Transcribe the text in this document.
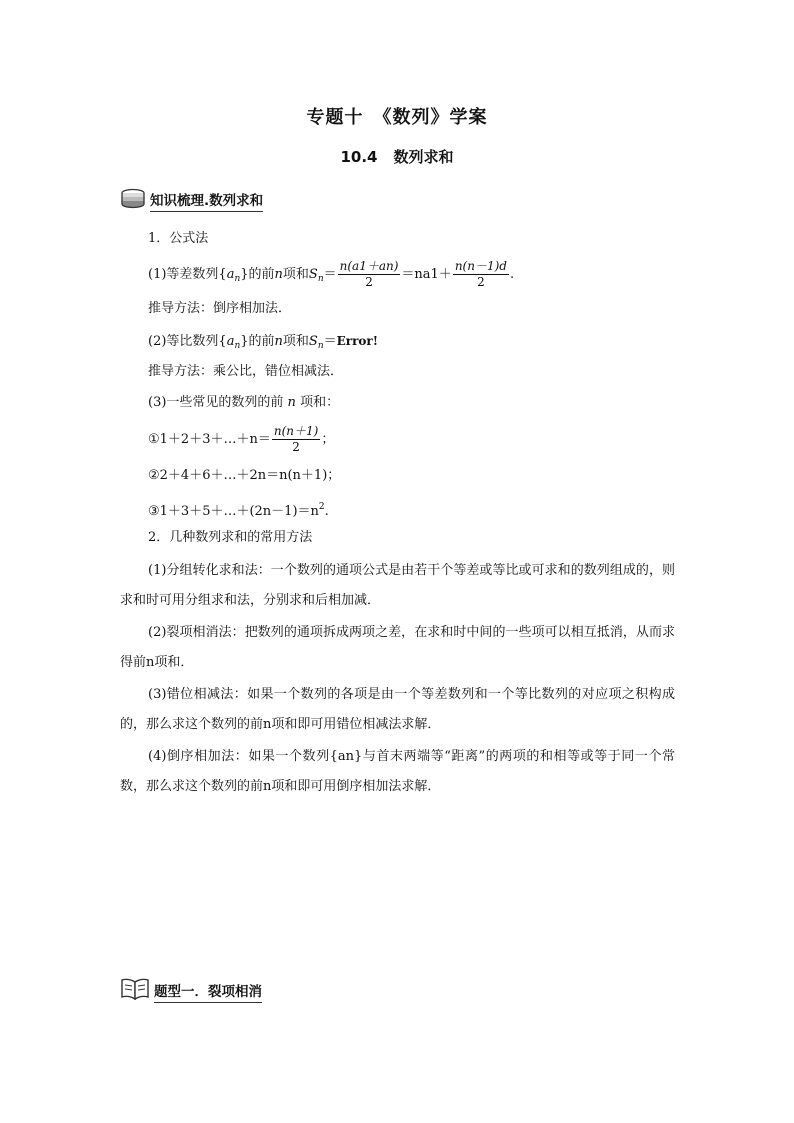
专题十　《数列》学案
10.4 数列求和
知识梳理.数列求和
1．公式法
(1)等差数列$\{a_n\}$的前n项和$S_n= \frac{n(a1+an)}{2} =na1+ \frac{n(n-1)d}{2}$ .
推导方法：倒序相加法．
(2)等比数列$\{a_n\}$的前n项和$S_n=Error$!
推导方法：乘公比，错位相减法．
(3)一些常见的数列的前 n 项和：
①1＋2＋3＋…＋n＝ $\frac{n(n+1)}{2}$ ；
②2＋4＋6＋…＋2n＝n(n＋1)；
$③1+3+5+\dots+(2n-1)=n^2$.
2．几种数列求和的常用方法
(1)分组转化求和法：一个数列的通项公式是由若干个等差或等比或可求和的数列组成的，则求和时可用分组求和法，分别求和后相加减．
(2)裂项相消法：把数列的通项拆成两项之差，在求和时中间的一些项可以相互抵消，从而求得前n项和．
(3)错位相减法：如果一个数列的各项是由一个等差数列和一个等比数列的对应项之积构成的，那么求这个数列的前n项和即可用错位相减法求解．
(4)倒序相加法：如果一个数列{an}与首末两端等“距离”的两项的和相等或等于同一个常数，那么求这个数列的前n项和即可用倒序相加法求解．
题型一．裂项相消
